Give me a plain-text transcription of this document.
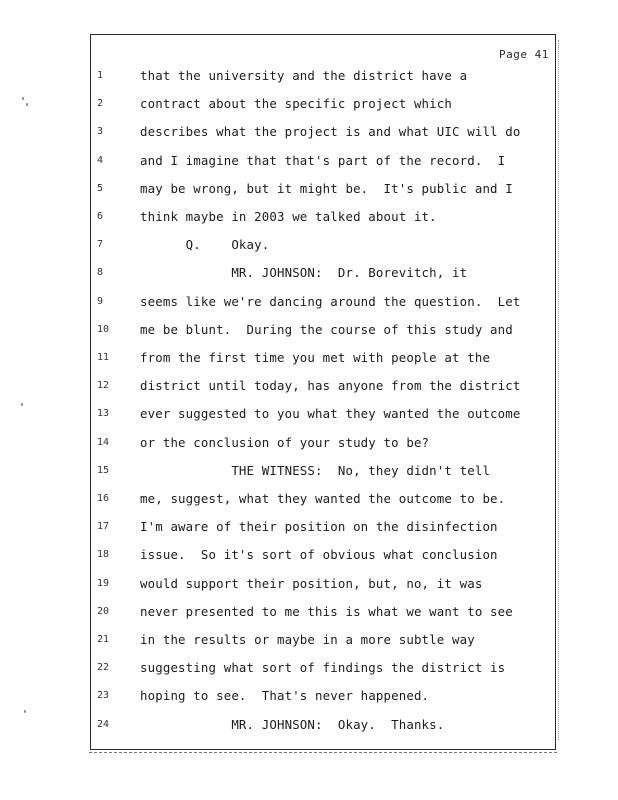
Page 41
1	that the university and the district have a
2	contract about the specific project which
3	describes what the project is and what UIC will do
4	and I imagine that that's part of the record.  I
5	may be wrong, but it might be.  It's public and I
6	think maybe in 2003 we talked about it.
7	Q.    Okay.
8	MR. JOHNSON:  Dr. Borevitch, it
9	seems like we're dancing around the question.  Let
10	me be blunt.  During the course of this study and
11	from the first time you met with people at the
12	district until today, has anyone from the district
13	ever suggested to you what they wanted the outcome
14	or the conclusion of your study to be?
15	THE WITNESS:  No, they didn't tell
16	me, suggest, what they wanted the outcome to be.
17	I'm aware of their position on the disinfection
18	issue.  So it's sort of obvious what conclusion
19	would support their position, but, no, it was
20	never presented to me this is what we want to see
21	in the results or maybe in a more subtle way
22	suggesting what sort of findings the district is
23	hoping to see.  That's never happened.
24	MR. JOHNSON:  Okay.  Thanks.
